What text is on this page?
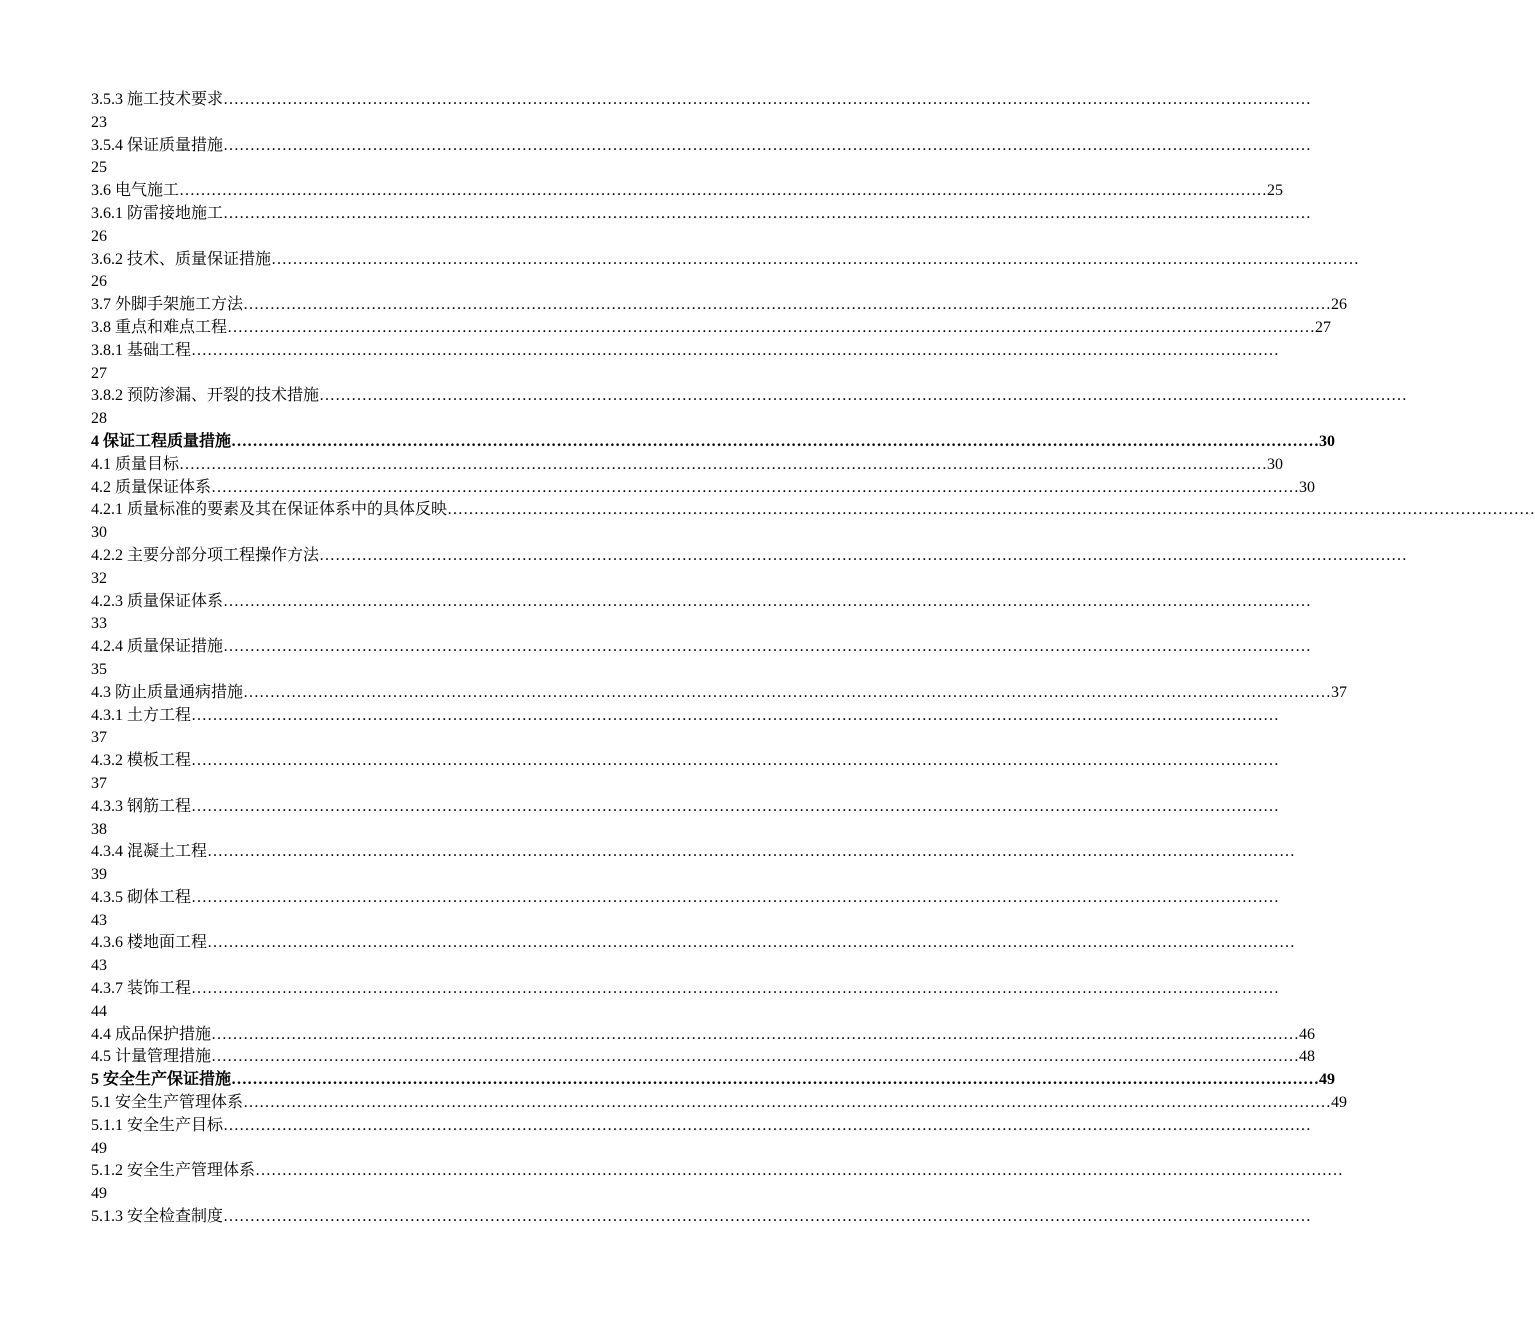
3.5.3 施工技术要求 ……………………………………………………………………………………………………………………………………………………………………………………
23
3.5.4 保证质量措施 ……………………………………………………………………………………………………………………………………………………………………………………
25
3.6 电气施工 …………………………………………………………………………………………………………………………………………………………………………………… 25
3.6.1 防雷接地施工 ……………………………………………………………………………………………………………………………………………………………………………………
26
3.6.2 技术、质量保证措施 ……………………………………………………………………………………………………………………………………………………………………………………
26
3.7 外脚手架施工方法 …………………………………………………………………………………………………………………………………………………………………………………… 26
3.8 重点和难点工程 …………………………………………………………………………………………………………………………………………………………………………………… 27
3.8.1 基础工程 ……………………………………………………………………………………………………………………………………………………………………………………
27
3.8.2 预防渗漏、开裂的技术措施 ……………………………………………………………………………………………………………………………………………………………………………………
28
4 保证工程质量措施 …………………………………………………………………………………………………………………………………………………………………………………… 30
4.1 质量目标 …………………………………………………………………………………………………………………………………………………………………………………… 30
4.2 质量保证体系 …………………………………………………………………………………………………………………………………………………………………………………… 30
4.2.1 质量标准的要素及其在保证体系中的具体反映 ……………………………………………………………………………………………………………………………………………………………………………………
30
4.2.2 主要分部分项工程操作方法 ……………………………………………………………………………………………………………………………………………………………………………………
32
4.2.3 质量保证体系 ……………………………………………………………………………………………………………………………………………………………………………………
33
4.2.4 质量保证措施 ……………………………………………………………………………………………………………………………………………………………………………………
35
4.3 防止质量通病措施 …………………………………………………………………………………………………………………………………………………………………………………… 37
4.3.1 土方工程 ……………………………………………………………………………………………………………………………………………………………………………………
37
4.3.2 模板工程 ……………………………………………………………………………………………………………………………………………………………………………………
37
4.3.3 钢筋工程 ……………………………………………………………………………………………………………………………………………………………………………………
38
4.3.4 混凝土工程 ……………………………………………………………………………………………………………………………………………………………………………………
39
4.3.5 砌体工程 ……………………………………………………………………………………………………………………………………………………………………………………
43
4.3.6 楼地面工程 ……………………………………………………………………………………………………………………………………………………………………………………
43
4.3.7 装饰工程 ……………………………………………………………………………………………………………………………………………………………………………………
44
4.4 成品保护措施 …………………………………………………………………………………………………………………………………………………………………………………… 46
4.5 计量管理措施 …………………………………………………………………………………………………………………………………………………………………………………… 48
5 安全生产保证措施 …………………………………………………………………………………………………………………………………………………………………………………… 49
5.1 安全生产管理体系 …………………………………………………………………………………………………………………………………………………………………………………… 49
5.1.1 安全生产目标 ……………………………………………………………………………………………………………………………………………………………………………………
49
5.1.2 安全生产管理体系 ……………………………………………………………………………………………………………………………………………………………………………………
49
5.1.3 安全检查制度 ……………………………………………………………………………………………………………………………………………………………………………………
